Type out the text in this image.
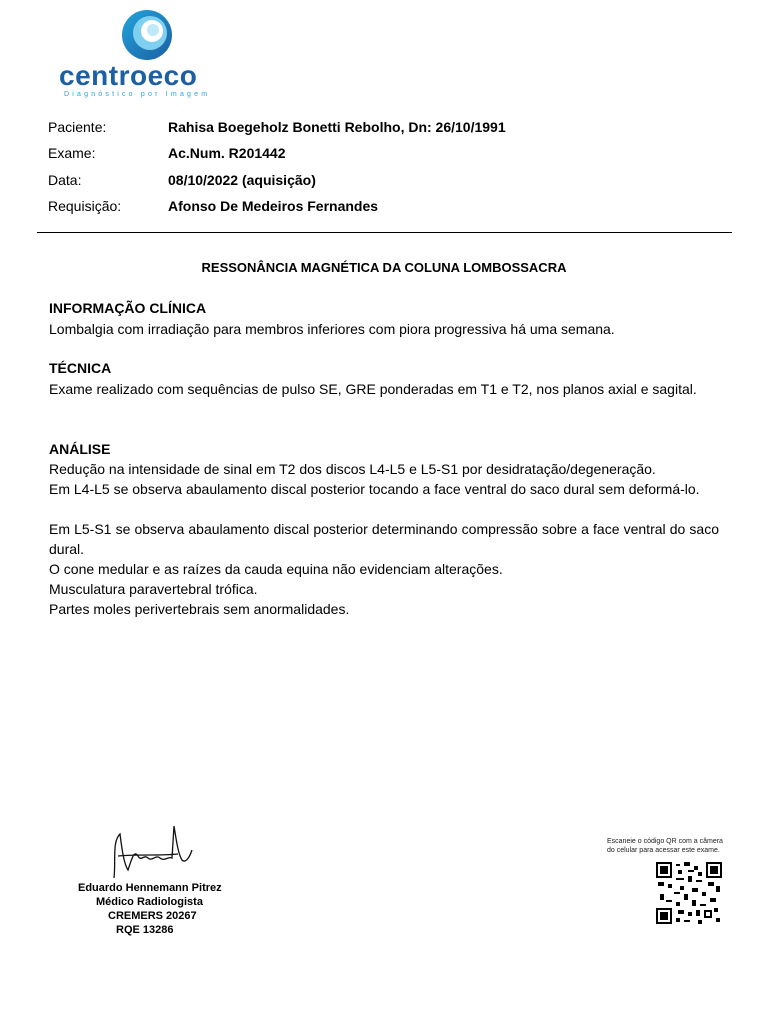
centroeco
Diagnóstico por Imagem
Paciente:	Rahisa Boegeholz Bonetti Rebolho, Dn: 26/10/1991
Exame:	Ac.Num. R201442
Data:	08/10/2022 (aquisição)
Requisição:	Afonso De Medeiros Fernandes
RESSONÂNCIA MAGNÉTICA DA COLUNA LOMBOSSACRA
INFORMAÇÃO CLÍNICA

Lombalgia com irradiação para membros inferiores com piora progressiva há uma semana.

TÉCNICA

Exame realizado com sequências de pulso SE, GRE ponderadas em T1 e T2, nos planos axial e sagital.

ANÁLISE

Redução na intensidade de sinal em T2 dos discos L4-L5 e L5-S1 por desidratação/degeneração.

Em L4-L5 se observa abaulamento discal posterior tocando a face ventral do saco dural sem deformá-lo.

Em L5-S1 se observa abaulamento discal posterior determinando compressão sobre a face ventral do saco dural.

O cone medular e as raízes da cauda equina não evidenciam alterações.

Musculatura paravertebral trófica.

Partes moles perivertebrais sem anormalidades.

Eduardo Hennemann Pitrez
Médico Radiologista
CREMERS 20267
RQE 13286
Escaneie o código QR com a câmera do celular para acessar este exame.
